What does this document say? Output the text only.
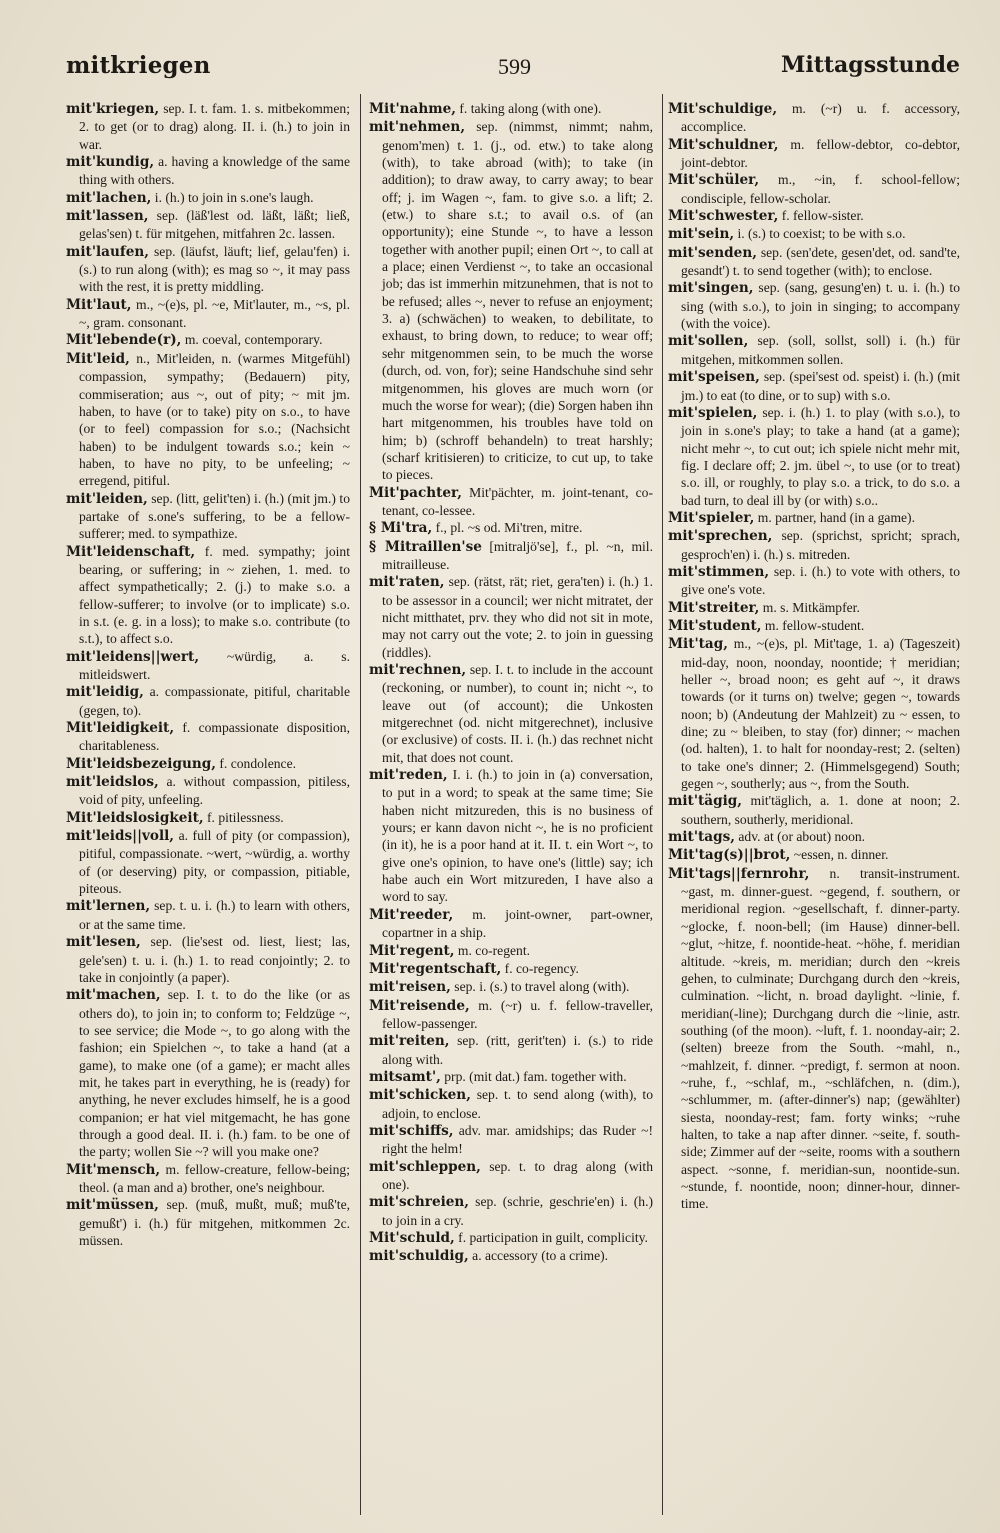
mitkriegen	599	Mittagsstunde

mit'kriegen, sep. I. t. fam. 1. s. mitbekommen; 2. to get (or to drag) along. II. i. (h.) to join in war.

mit'kundig, a. having a knowledge of the same thing with others.

mit'lachen, i. (h.) to join in s.one's laugh.

mit'lassen, sep. (läß'lest od. läßt, läßt; ließ, gelas'sen) t. für mitgehen, mitfahren 2c. lassen.

mit'laufen, sep. (läufst, läuft; lief, gelau'fen) i. (s.) to run along (with); es mag so ~, it may pass with the rest, it is pretty middling.

Mit'laut, m., ~(e)s, pl. ~e, Mit'lauter, m., ~s, pl. ~, gram. consonant.

Mit'lebende(r), m. coeval, contemporary.

Mit'leid, n., Mit'leiden, n. (warmes Mitgefühl) compassion, sympathy; (Bedauern) pity, commiseration; aus ~, out of pity; ~ mit jm. haben, to have (or to take) pity on s.o., to have (or to feel) compassion for s.o.; (Nachsicht haben) to be indulgent towards s.o.; kein ~ haben, to have no pity, to be unfeeling; ~ erregend, pitiful.

mit'leiden, sep. (litt, gelit'ten) i. (h.) (mit jm.) to partake of s.one's suffering, to be a fellow-sufferer; med. to sympathize.

Mit'leidenschaft, f. med. sympathy; joint bearing, or suffering; in ~ ziehen, 1. med. to affect sympathetically; 2. (j.) to make s.o. a fellow-sufferer; to involve (or to implicate) s.o. in s.t. (e. g. in a loss); to make s.o. contribute (to s.t.), to affect s.o.

mit'leidens||wert, ~würdig, a. s. mitleidswert.

mit'leidig, a. compassionate, pitiful, charitable (gegen, to).

Mit'leidigkeit, f. compassionate disposition, charitableness.

Mit'leidsbezeigung, f. condolence.

mit'leidslos, a. without compassion, pitiless, void of pity, unfeeling.

Mit'leidslosigkeit, f. pitilessness.

mit'leids||voll, a. full of pity (or compassion), pitiful, compassionate. ~wert, ~würdig, a. worthy of (or deserving) pity, or compassion, pitiable, piteous.

mit'lernen, sep. t. u. i. (h.) to learn with others, or at the same time.

mit'lesen, sep. (lie'sest od. liest, liest; las, gele'sen) t. u. i. (h.) 1. to read conjointly; 2. to take in conjointly (a paper).

mit'machen, sep. I. t. to do the like (or as others do), to join in; to conform to; Feldzüge ~, to see service; die Mode ~, to go along with the fashion; ein Spielchen ~, to take a hand (at a game), to make one (of a game); er macht alles mit, he takes part in everything, he is (ready) for anything, he never excludes himself, he is a good companion; er hat viel mitgemacht, he has gone through a good deal. II. i. (h.) fam. to be one of the party; wollen Sie ~? will you make one?

Mit'mensch, m. fellow-creature, fellow-being; theol. (a man and a) brother, one's neighbour.

mit'müssen, sep. (muß, mußt, muß; muß'te, gemußt') i. (h.) für mitgehen, mitkommen 2c. müssen.

Mit'nahme, f. taking along (with one).

mit'nehmen, sep. (nimmst, nimmt; nahm, genom'men) t. 1. (j., od. etw.) to take along (with), to take abroad (with); to take (in addition); to draw away, to carry away; to bear off; j. im Wagen ~, fam. to give s.o. a lift; 2. (etw.) to share s.t.; to avail o.s. of (an opportunity); eine Stunde ~, to have a lesson together with another pupil; einen Ort ~, to call at a place; einen Verdienst ~, to take an occasional job; das ist immerhin mitzunehmen, that is not to be refused; alles ~, never to refuse an enjoyment; 3. a) (schwächen) to weaken, to debilitate, to exhaust, to bring down, to reduce; to wear off; sehr mitgenommen sein, to be much the worse (durch, od. von, for); seine Handschuhe sind sehr mitgenommen, his gloves are much worn (or much the worse for wear); (die) Sorgen haben ihn hart mitgenommen, his troubles have told on him; b) (schroff behandeln) to treat harshly; (scharf kritisieren) to criticize, to cut up, to take to pieces.

Mit'pachter, Mit'pächter, m. joint-tenant, co-tenant, co-lessee.

§ Mi'tra, f., pl. ~s od. Mi'tren, mitre.

§ Mitraillen'se [mitraljö'se], f., pl. ~n, mil. mitrailleuse.

mit'raten, sep. (rätst, rät; riet, gera'ten) i. (h.) 1. to be assessor in a council; wer nicht mitratet, der nicht mitthatet, prv. they who did not sit in mote, may not carry out the vote; 2. to join in guessing (riddles).

mit'rechnen, sep. I. t. to include in the account (reckoning, or number), to count in; nicht ~, to leave out (of account); die Unkosten mitgerechnet (od. nicht mitgerechnet), inclusive (or exclusive) of costs. II. i. (h.) das rechnet nicht mit, that does not count.

mit'reden, I. i. (h.) to join in (a) conversation, to put in a word; to speak at the same time; Sie haben nicht mitzureden, this is no business of yours; er kann davon nicht ~, he is no proficient (in it), he is a poor hand at it. II. t. ein Wort ~, to give one's opinion, to have one's (little) say; ich habe auch ein Wort mitzureden, I have also a word to say.

Mit'reeder, m. joint-owner, part-owner, copartner in a ship.

Mit'regent, m. co-regent.

Mit'regentschaft, f. co-regency.

mit'reisen, sep. i. (s.) to travel along (with).

Mit'reisende, m. (~r) u. f. fellow-traveller, fellow-passenger.

mit'reiten, sep. (ritt, gerit'ten) i. (s.) to ride along with.

mitsamt', prp. (mit dat.) fam. together with.

mit'schicken, sep. t. to send along (with), to adjoin, to enclose.

mit'schiffs, adv. mar. amidships; das Ruder ~! right the helm!

mit'schleppen, sep. t. to drag along (with one).

mit'schreien, sep. (schrie, geschrie'en) i. (h.) to join in a cry.

Mit'schuld, f. participation in guilt, complicity.

mit'schuldig, a. accessory (to a crime).

Mit'schuldige, m. (~r) u. f. accessory, accomplice.

Mit'schuldner, m. fellow-debtor, co-debtor, joint-debtor.

Mit'schüler, m., ~in, f. school-fellow; condisciple, fellow-scholar.

Mit'schwester, f. fellow-sister.

mit'sein, i. (s.) to coexist; to be with s.o.

mit'senden, sep. (sen'dete, gesen'det, od. sand'te, gesandt') t. to send together (with); to enclose.

mit'singen, sep. (sang, gesung'en) t. u. i. (h.) to sing (with s.o.), to join in singing; to accompany (with the voice).

mit'sollen, sep. (soll, sollst, soll) i. (h.) für mitgehen, mitkommen sollen.

mit'speisen, sep. (spei'sest od. speist) i. (h.) (mit jm.) to eat (to dine, or to sup) with s.o.

mit'spielen, sep. i. (h.) 1. to play (with s.o.), to join in s.one's play; to take a hand (at a game); nicht mehr ~, to cut out; ich spiele nicht mehr mit, fig. I declare off; 2. jm. übel ~, to use (or to treat) s.o. ill, or roughly, to play s.o. a trick, to do s.o. a bad turn, to deal ill by (or with) s.o..

Mit'spieler, m. partner, hand (in a game).

mit'sprechen, sep. (sprichst, spricht; sprach, gesproch'en) i. (h.) s. mitreden.

mit'stimmen, sep. i. (h.) to vote with others, to give one's vote.

Mit'streiter, m. s. Mitkämpfer.

Mit'student, m. fellow-student.

Mit'tag, m., ~(e)s, pl. Mit'tage, 1. a) (Tageszeit) mid-day, noon, noonday, noontide; † meridian; heller ~, broad noon; es geht auf ~, it draws towards (or it turns on) twelve; gegen ~, towards noon; b) (Andeutung der Mahlzeit) zu ~ essen, to dine; zu ~ bleiben, to stay (for) dinner; ~ machen (od. halten), 1. to halt for noonday-rest; 2. (selten) to take one's dinner; 2. (Himmelsgegend) South; gegen ~, southerly; aus ~, from the South.

mit'tägig, mit'täglich, a. 1. done at noon; 2. southern, southerly, meridional.

mit'tags, adv. at (or about) noon.

Mit'tag(s)||brot, ~essen, n. dinner.

Mit'tags||fernrohr, n. transit-instrument. ~gast, m. dinner-guest. ~gegend, f. southern, or meridional region. ~gesellschaft, f. dinner-party. ~glocke, f. noon-bell; (im Hause) dinner-bell. ~glut, ~hitze, f. noontide-heat. ~höhe, f. meridian altitude. ~kreis, m. meridian; durch den ~kreis gehen, to culminate; Durchgang durch den ~kreis, culmination. ~licht, n. broad daylight. ~linie, f. meridian(-line); Durchgang durch die ~linie, astr. southing (of the moon). ~luft, f. 1. noonday-air; 2. (selten) breeze from the South. ~mahl, n., ~mahlzeit, f. dinner. ~predigt, f. sermon at noon. ~ruhe, f., ~schlaf, m., ~schläfchen, n. (dim.), ~schlummer, m. (after-dinner's) nap; (gewählter) siesta, noonday-rest; fam. forty winks; ~ruhe halten, to take a nap after dinner. ~seite, f. south-side; Zimmer auf der ~seite, rooms with a southern aspect. ~sonne, f. meridian-sun, noontide-sun. ~stunde, f. noontide, noon; dinner-hour, dinner-time.
